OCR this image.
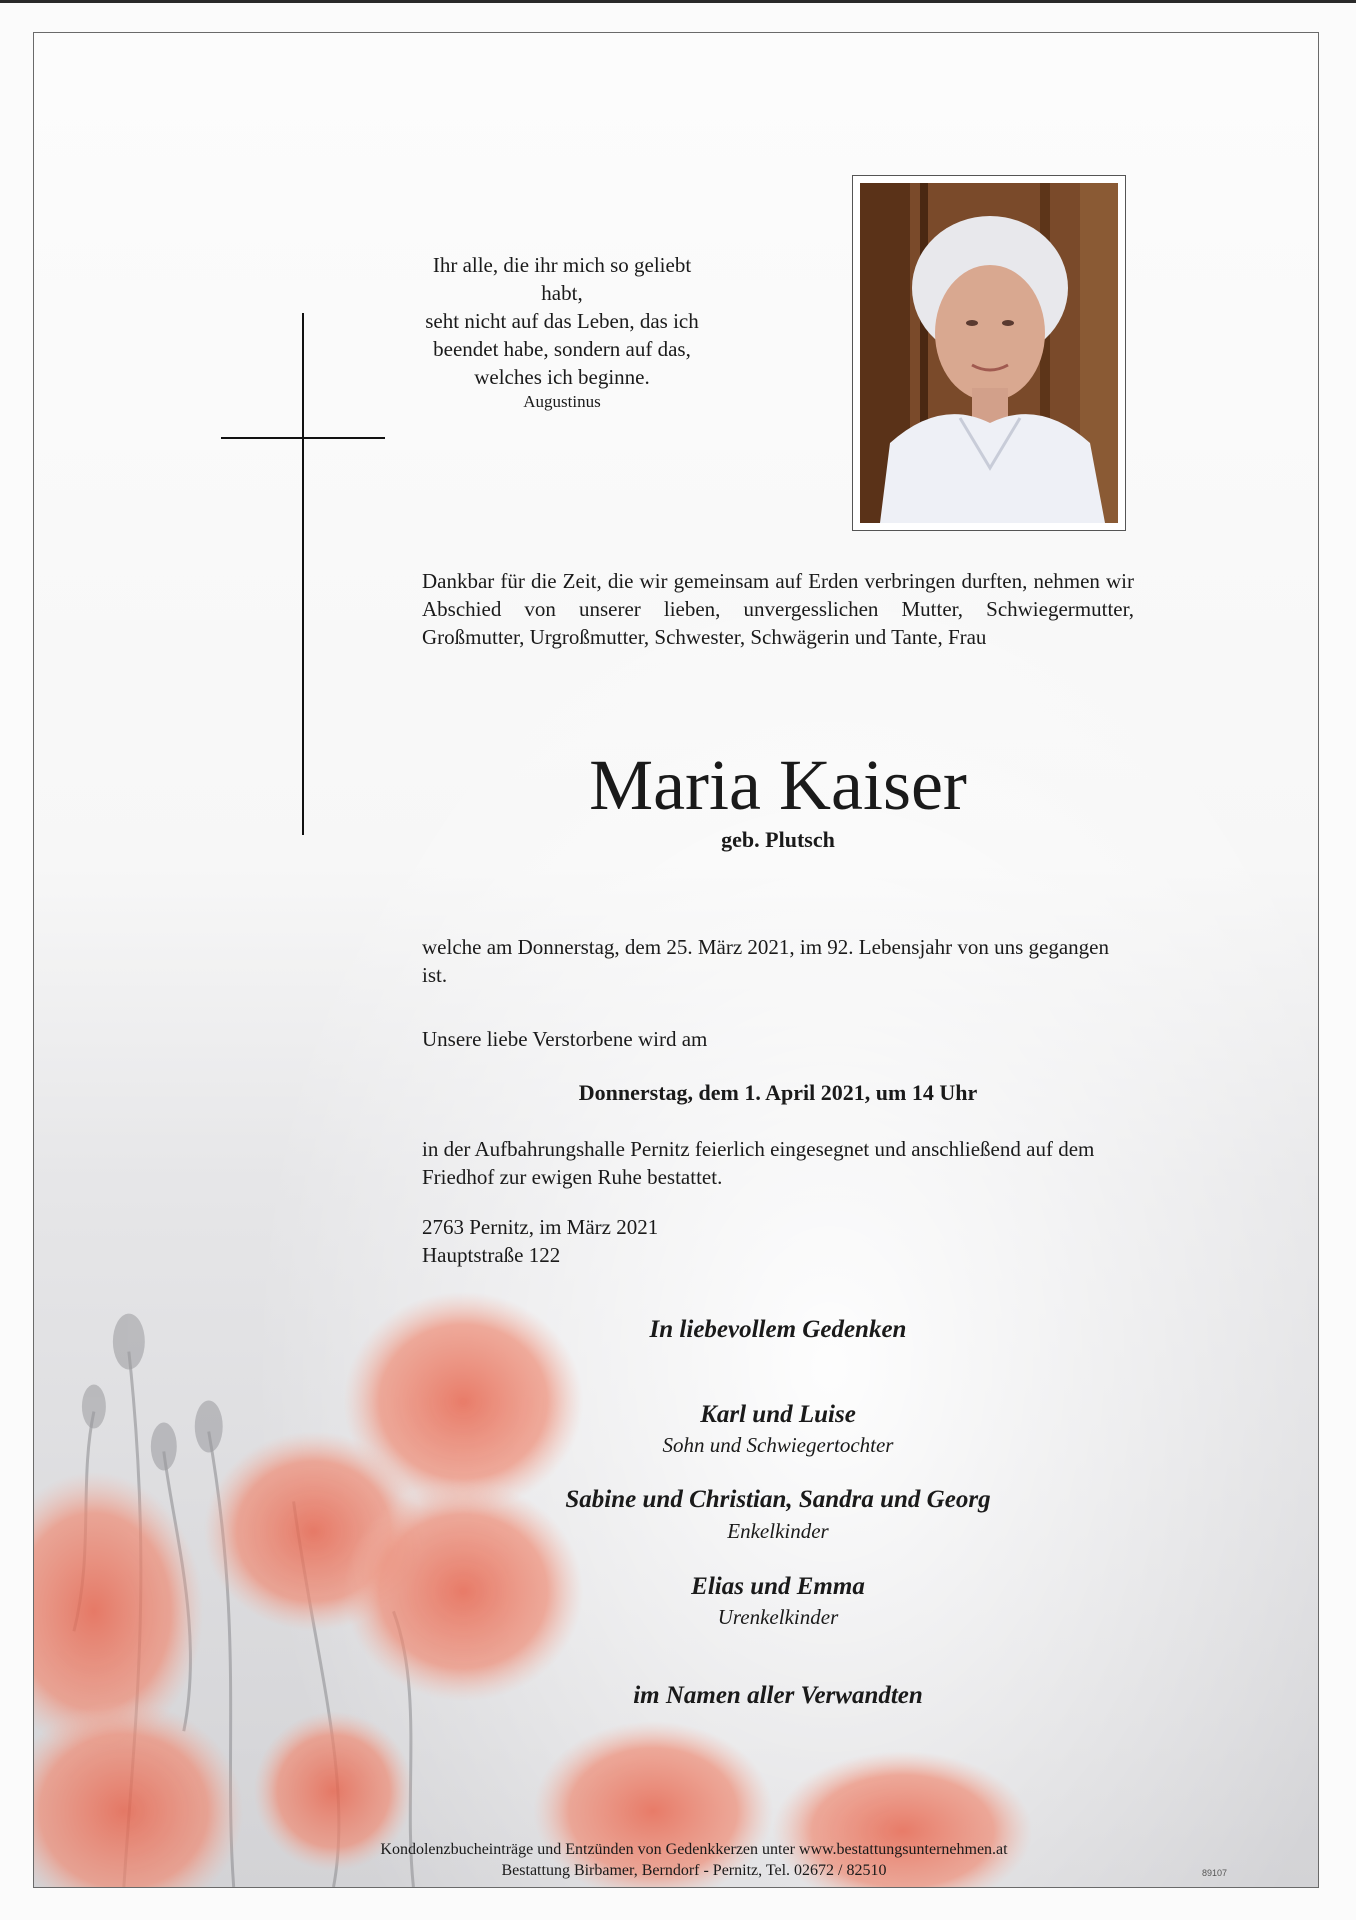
Ihr alle, die ihr mich so geliebt habt,
seht nicht auf das Leben, das ich
beendet habe, sondern auf das,
welches ich beginne.
Augustinus
Dankbar für die Zeit, die wir gemeinsam auf Erden verbringen durften, nehmen wir Abschied von unserer lieben, unvergesslichen Mutter, Schwiegermutter, Großmutter, Urgroßmutter, Schwester, Schwägerin und Tante, Frau
Maria Kaiser
geb. Plutsch
welche am Donnerstag, dem 25. März 2021, im 92. Lebensjahr von uns gegangen ist.
Unsere liebe Verstorbene wird am
Donnerstag, dem 1. April 2021, um 14 Uhr
in der Aufbahrungshalle Pernitz feierlich eingesegnet und anschließend auf dem Friedhof zur ewigen Ruhe bestattet.
2763 Pernitz, im März 2021
Hauptstraße 122
In liebevollem Gedenken
Karl und Luise
Sohn und Schwiegertochter
Sabine und Christian, Sandra und Georg
Enkelkinder
Elias und Emma
Urenkelkinder
im Namen aller Verwandten
Kondolenzbucheinträge und Entzünden von Gedenkkerzen unter www.bestattungsunternehmen.at
Bestattung Birbamer, Berndorf - Pernitz, Tel. 02672 / 82510	89107
